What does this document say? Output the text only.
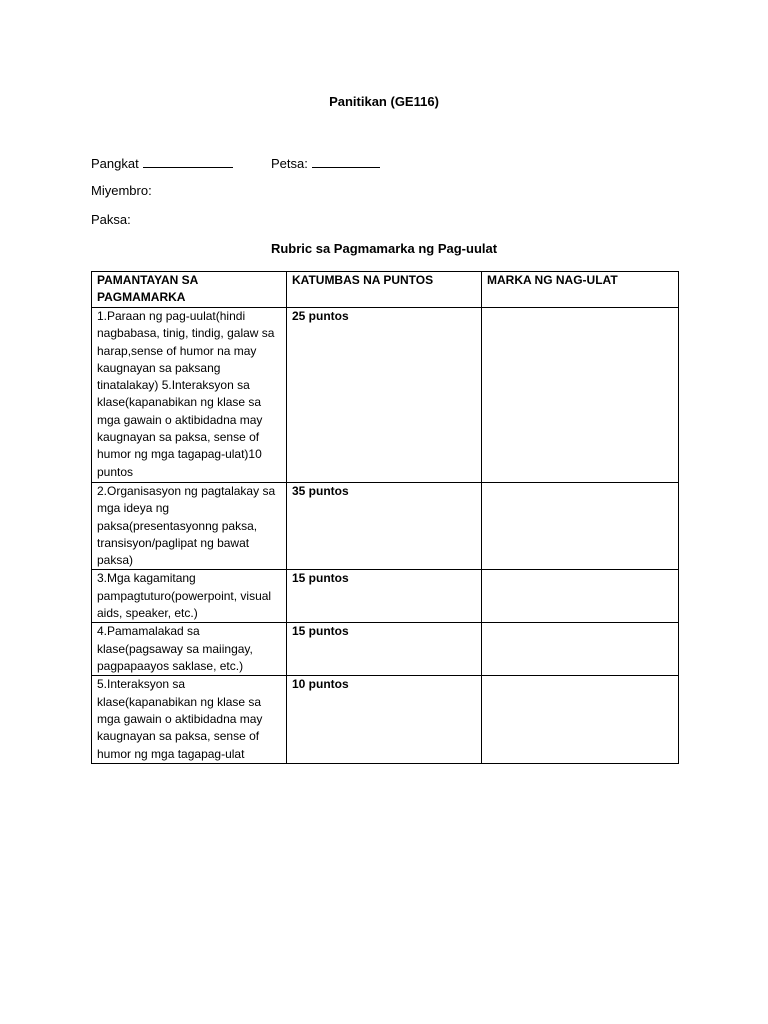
Panitikan (GE116)
Pangkat	Petsa:
Miyembro:
Paksa:
Rubric sa Pagmamarka ng Pag-uulat
PAMANTAYAN SA PAGMAMARKA	KATUMBAS NA PUNTOS	MARKA NG NAG-ULAT
1.Paraan ng pag-uulat(hindi nagbabasa, tinig, tindig, galaw sa harap,sense of humor na may kaugnayan sa paksang tinatalakay) 5.Interaksyon sa klase(kapanabikan ng klase sa mga gawain o aktibidadna may kaugnayan sa paksa, sense of humor ng mga tagapag-ulat)10 puntos	25 puntos	
2.Organisasyon ng pagtalakay sa mga ideya ng paksa(presentasyonng paksa, transisyon/paglipat ng bawat paksa)	35 puntos	
3.Mga kagamitang pampagtuturo(powerpoint, visual aids, speaker, etc.)	15 puntos	
4.Pamamalakad sa klase(pagsaway sa maiingay, pagpapaayos saklase, etc.)	15 puntos	
5.Interaksyon sa klase(kapanabikan ng klase sa mga gawain o aktibidadna may kaugnayan sa paksa, sense of humor ng mga tagapag-ulat	10 puntos	
